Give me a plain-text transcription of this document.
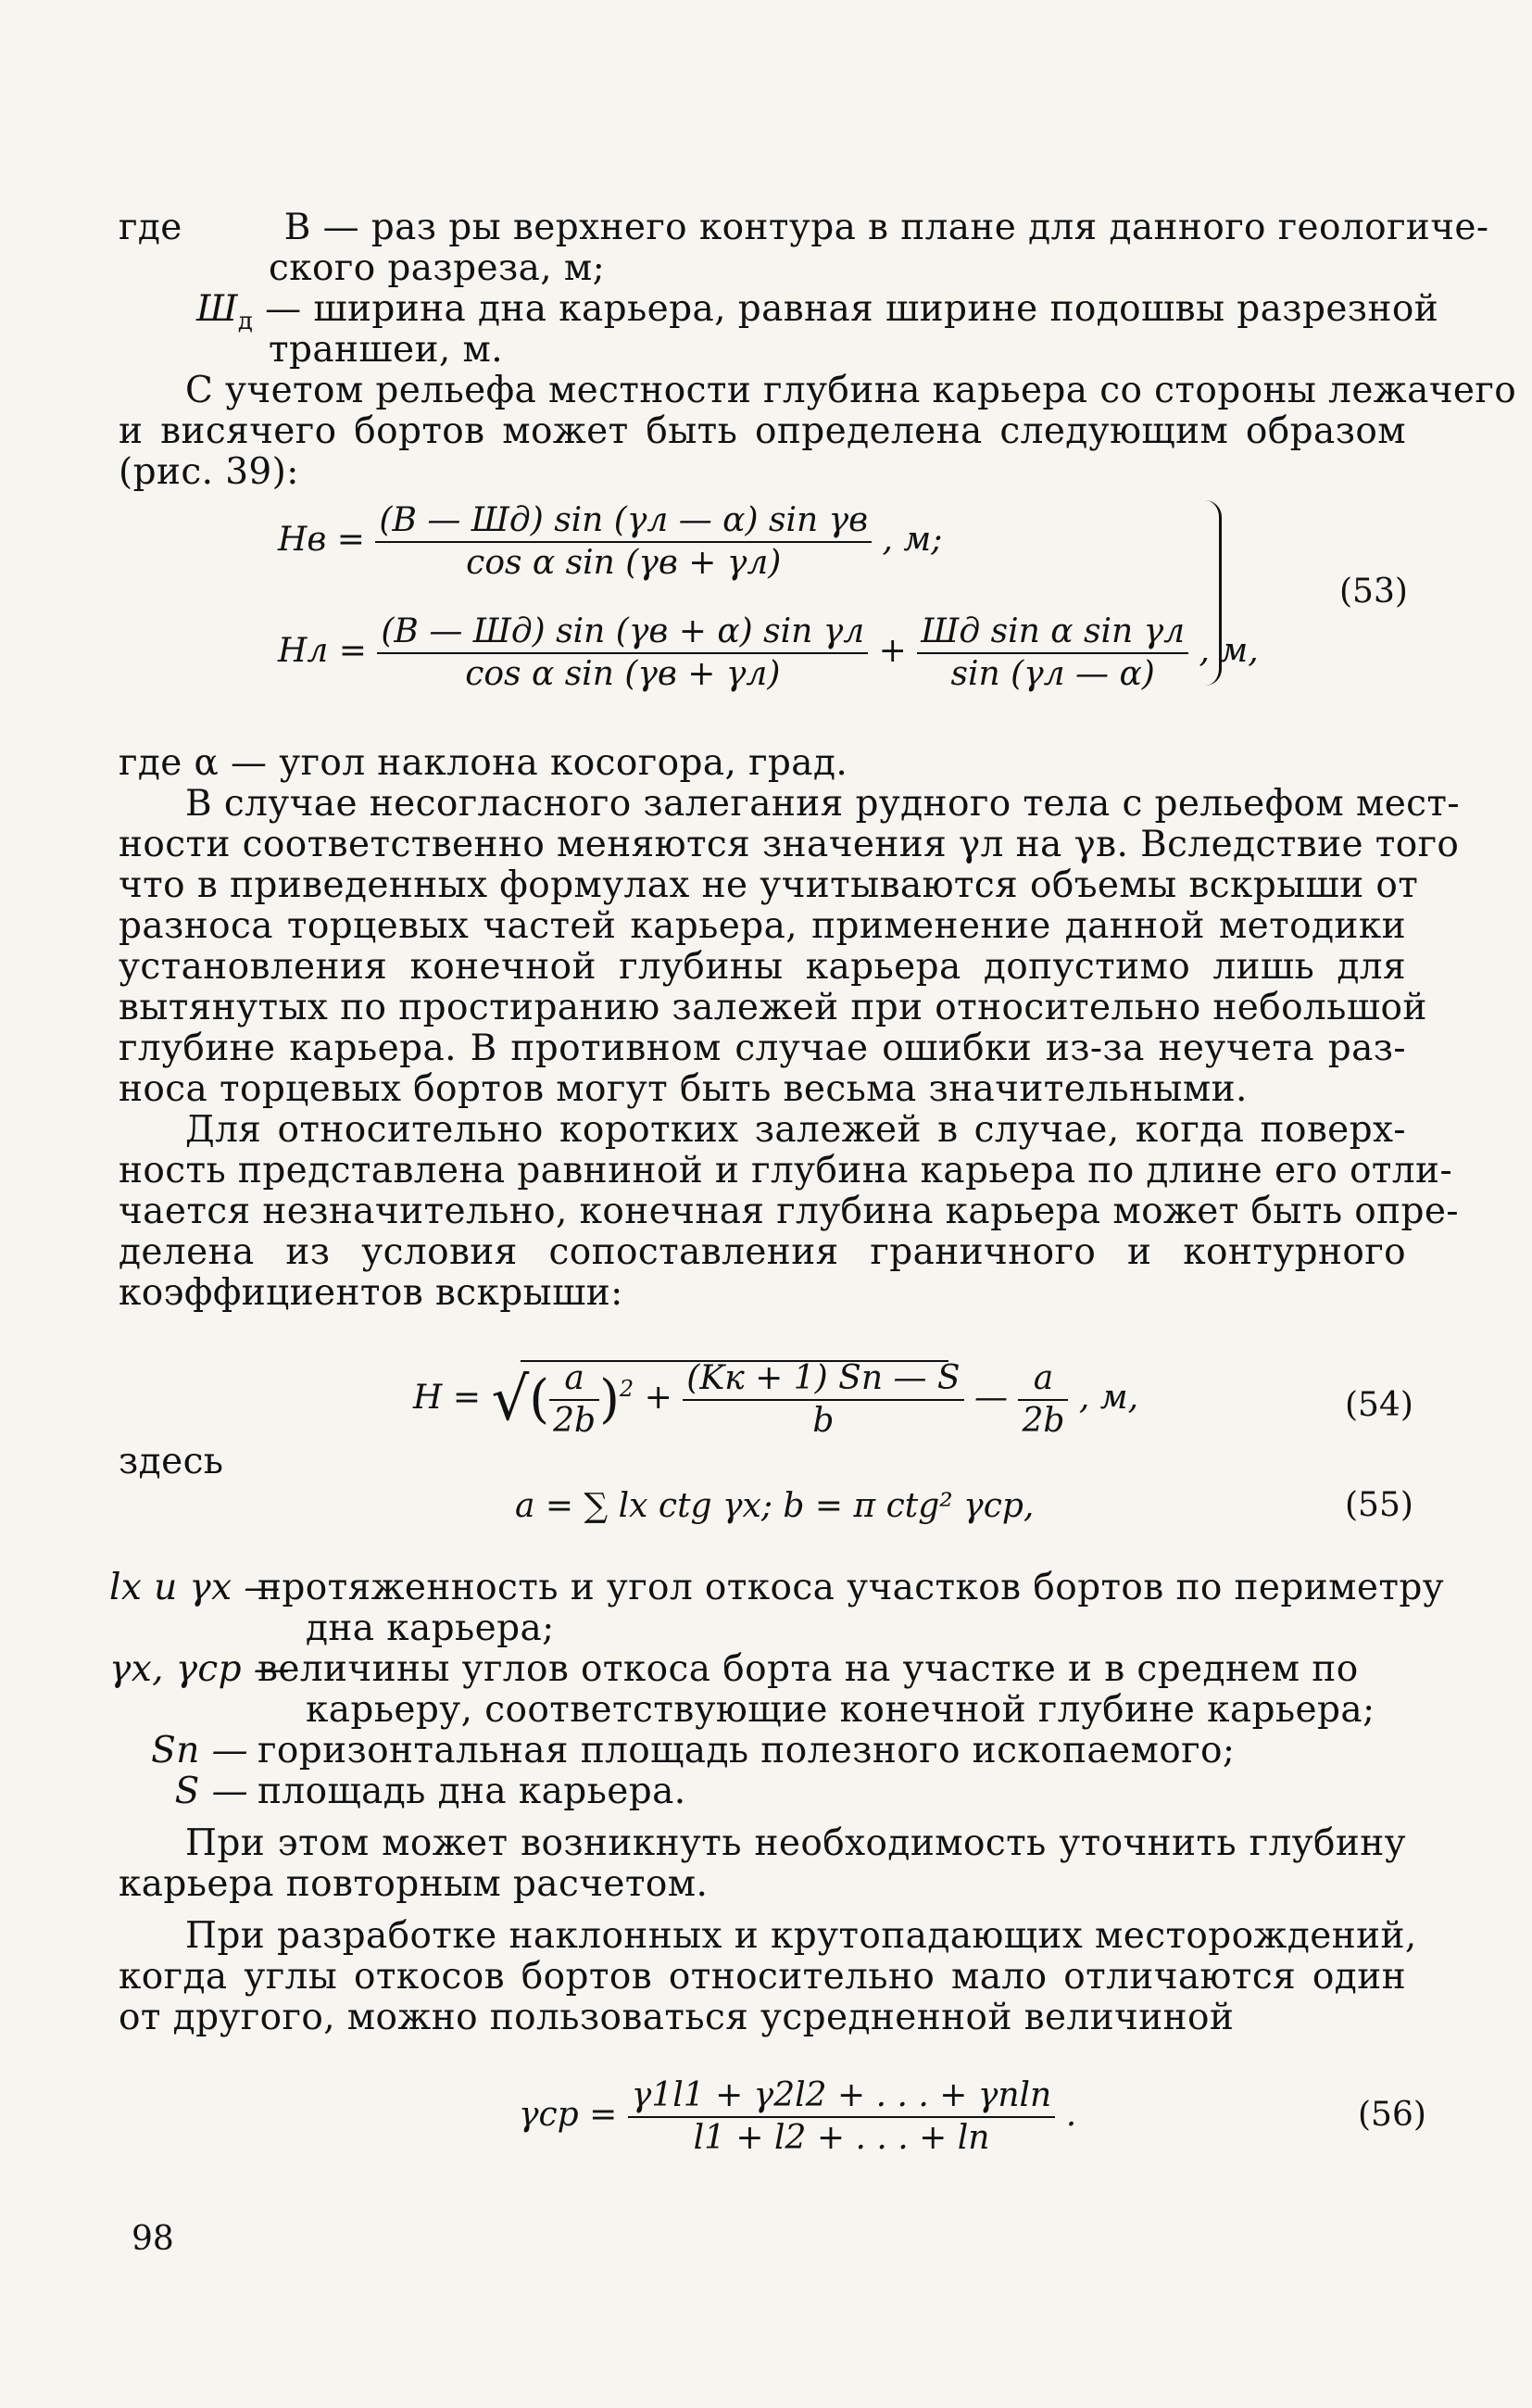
где	B — раз ры верхнего контура в плане для данного геологиче-
ского разреза, м;
$Ш_д$ — ширина дна карьера, равная ширине подошвы разрезной
траншеи, м.
С учетом рельефа местности глубина карьера со стороны лежачего
и висячего бортов может быть определена следующим образом
(рис. 39):
Hв = $\frac{\text{(B — Шд) sin (γл — α) sin γв}}{\text{cos α sin (γв + γл)}}$ , м;
Hл = $\frac{\text{(B — Шд) sin (γв + α) sin γл}}{\text{cos α sin (γв + γл)}} + \frac{\text{Шд sin α sin γл}}{\sin (\gamma л — \alpha)}$ , м,
(53)
где α — угол наклона косогора, град.
В случае несогласного залегания рудного тела с рельефом мест-
ности соответственно меняются значения γл на γв. Вследствие того
что в приведенных формулах не учитываются объемы вскрыши от
разноса торцевых частей карьера, применение данной методики
установления конечной глубины карьера допустимо лишь для
вытянутых по простиранию залежей при относительно небольшой
глубине карьера. В противном случае ошибки из-за неучета раз-
носа торцевых бортов могут быть весьма значительными.
Для относительно коротких залежей в случае, когда поверх-
ность представлена равниной и глубина карьера по длине его отли-
чается незначительно, конечная глубина карьера может быть опре-
делена из условия сопоставления граничного и контурного
коэффициентов вскрыши:
H = √( $\frac{a}{2b} )^2 + \frac{(Kк + 1) Sп — S}{b}$ — $\frac{a}{2b}$ , м,	(54)
здесь
a = ∑ lx ctg γx; b = π ctg² γср,	(55)
lx и γx —протяженность и угол откоса участков бортов по периметру
дна карьера;
γx, γср —величины углов откоса борта на участке и в среднем по
карьеру, соответствующие конечной глубине карьера;
Sп — горизонтальная площадь полезного ископаемого;
S — площадь дна карьера.
При этом может возникнуть необходимость уточнить глубину
карьера повторным расчетом.
При разработке наклонных и крутопадающих месторождений,
когда углы откосов бортов относительно мало отличаются один
от другого, можно пользоваться усредненной величиной
$\gamma ср = \frac{\gamma 1l1 + \gamma 2l2 + . . . + \gamma nln}{l1 + l2 + . . . + \ln}$ .	(56)
98
